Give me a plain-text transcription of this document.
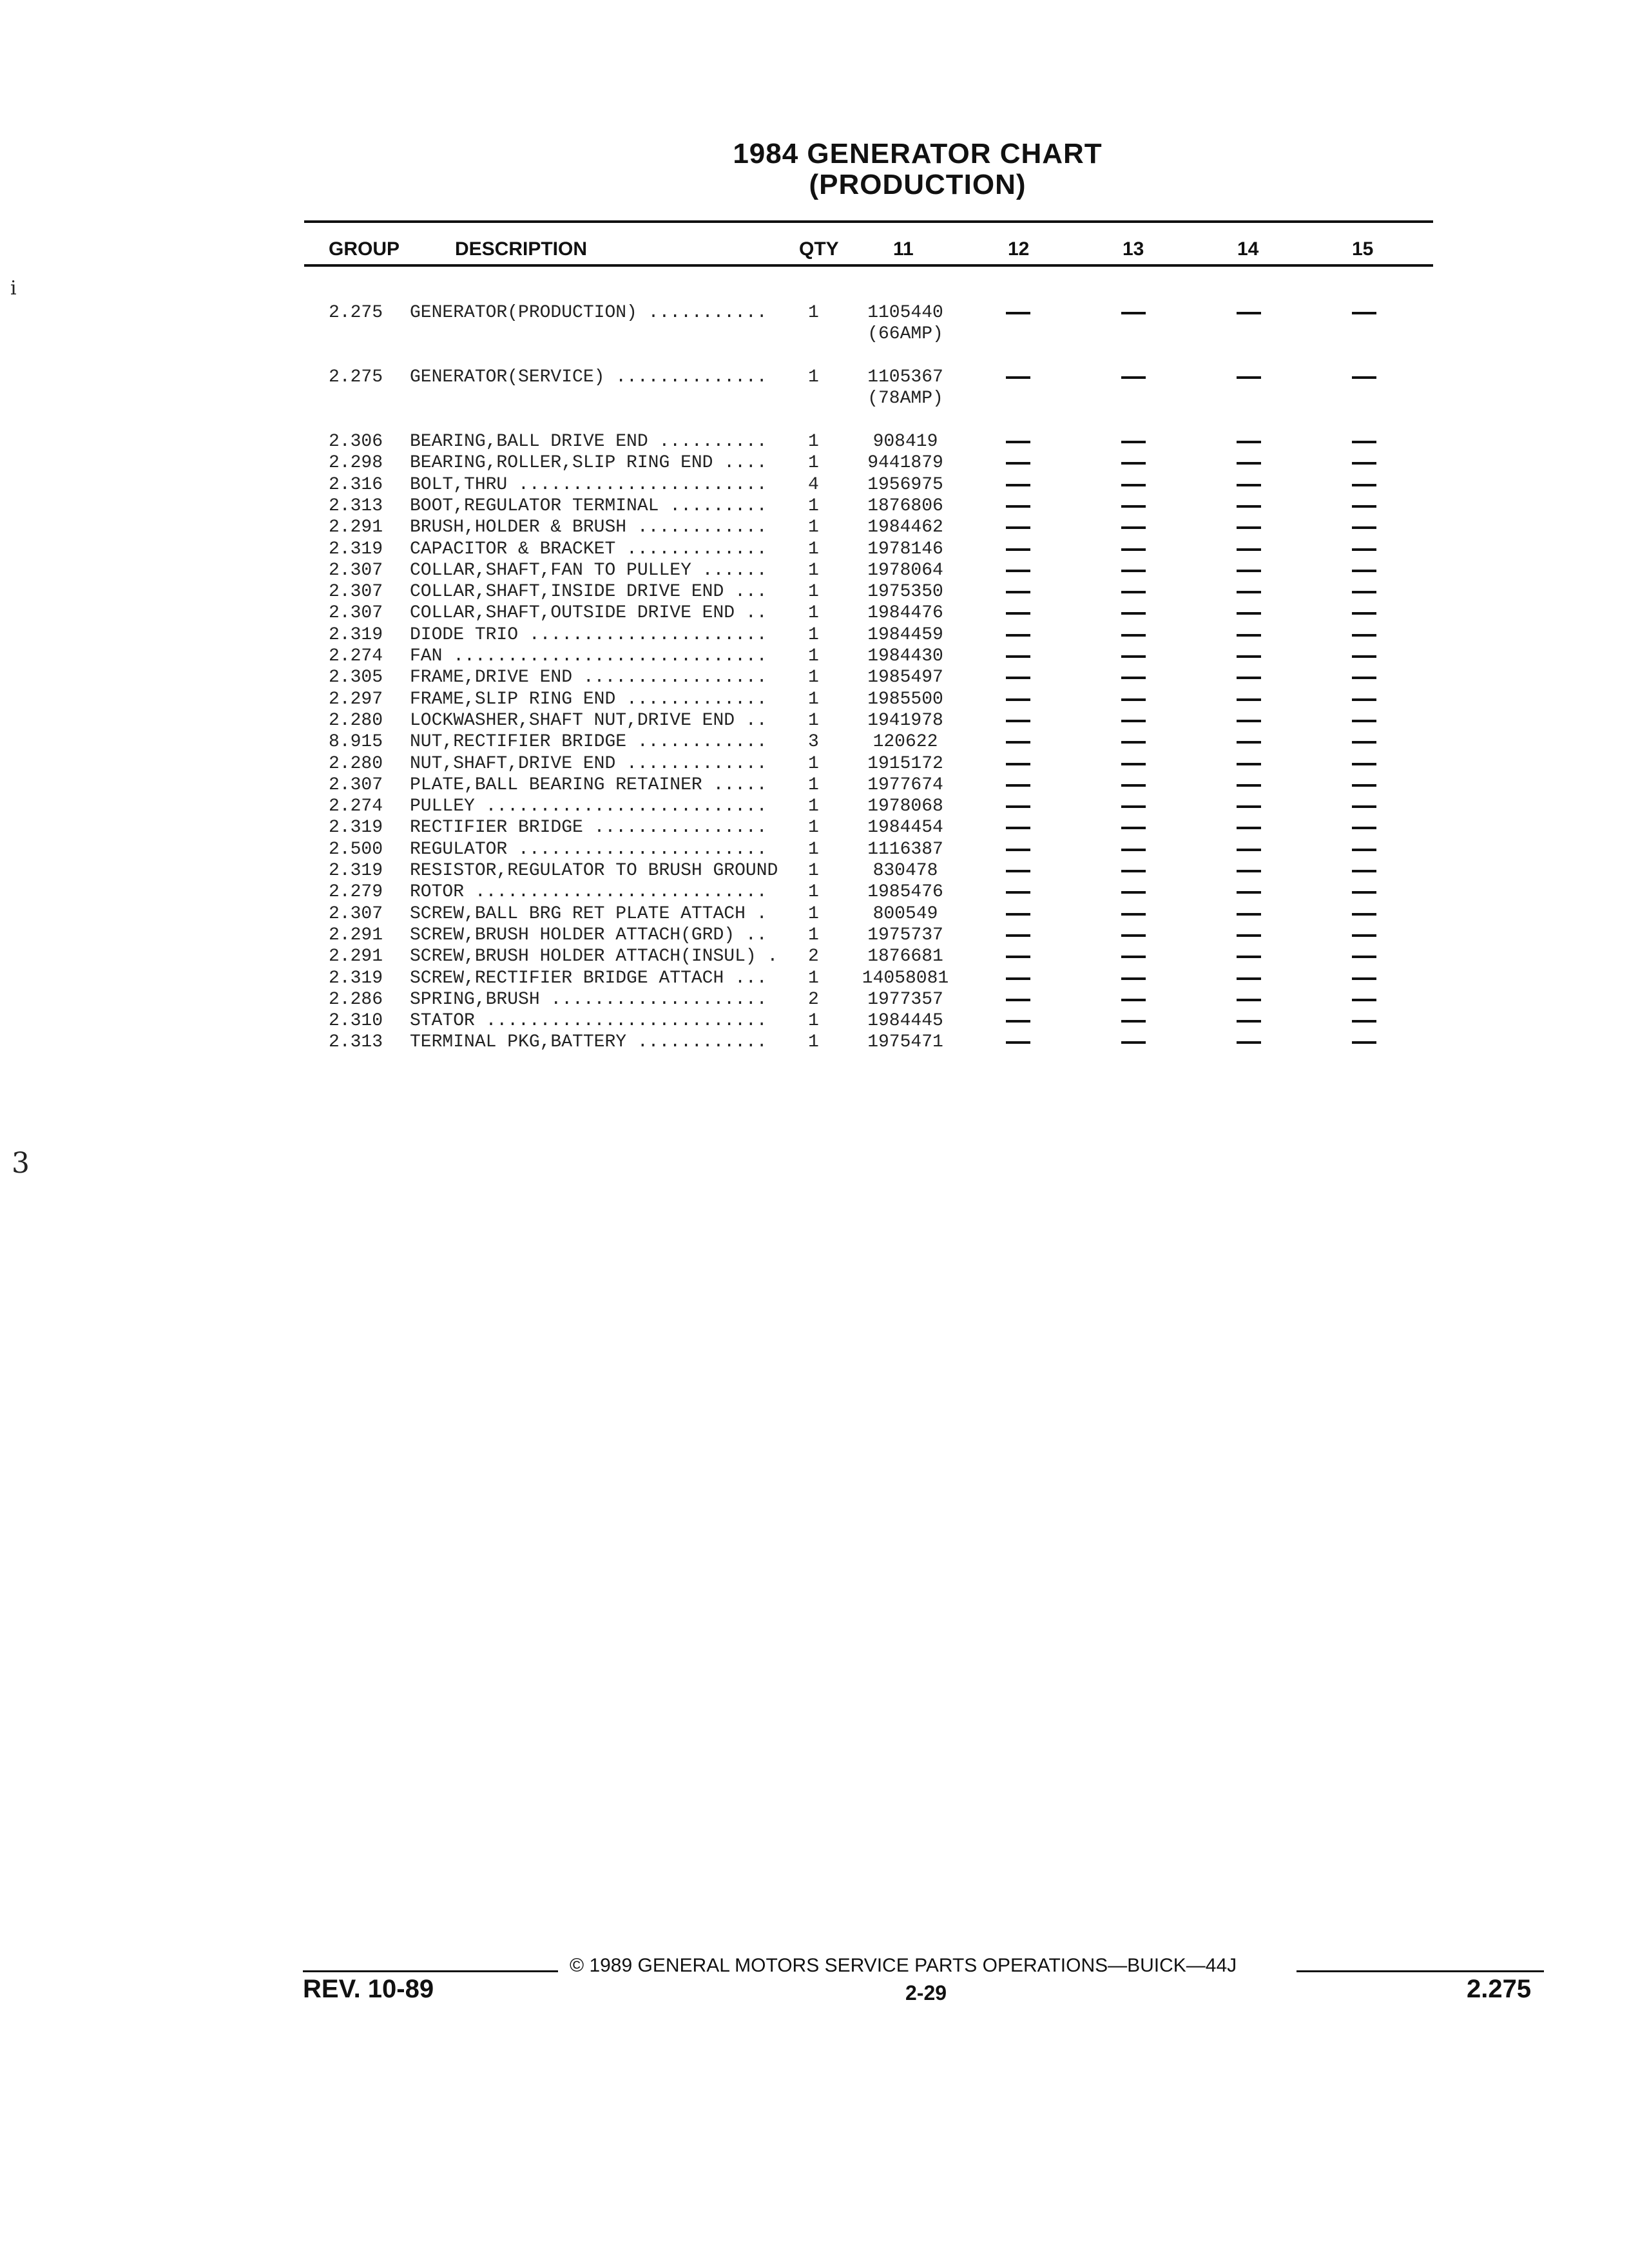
1984 GENERATOR CHART
(PRODUCTION)
GROUP	DESCRIPTION	QTY	11	12	13	14	15
2.275 GENERATOR(PRODUCTION) ........... 1	1105440
(66AMP)
2.275 GENERATOR(SERVICE) .............. 1	1105367
(78AMP)
2.306 BEARING,BALL DRIVE END .......... 1	908419
2.298 BEARING,ROLLER,SLIP RING END .... 1	9441879
2.316 BOLT,THRU ....................... 4	1956975
2.313 BOOT,REGULATOR TERMINAL ......... 1	1876806
2.291 BRUSH,HOLDER & BRUSH ............ 1	1984462
2.319 CAPACITOR & BRACKET ............. 1	1978146
2.307 COLLAR,SHAFT,FAN TO PULLEY ...... 1	1978064
2.307 COLLAR,SHAFT,INSIDE DRIVE END ... 1	1975350
2.307 COLLAR,SHAFT,OUTSIDE DRIVE END .. 1	1984476
2.319 DIODE TRIO ...................... 1	1984459
2.274 FAN ............................. 1	1984430
2.305 FRAME,DRIVE END ................. 1	1985497
2.297 FRAME,SLIP RING END ............. 1	1985500
2.280 LOCKWASHER,SHAFT NUT,DRIVE END .. 1	1941978
8.915 NUT,RECTIFIER BRIDGE ............ 3	120622
2.280 NUT,SHAFT,DRIVE END ............. 1	1915172
2.307 PLATE,BALL BEARING RETAINER ..... 1	1977674
2.274 PULLEY .......................... 1	1978068
2.319 RECTIFIER BRIDGE ................ 1	1984454
2.500 REGULATOR ....................... 1	1116387
2.319 RESISTOR,REGULATOR TO BRUSH GROUND 1	830478
2.279 ROTOR ........................... 1	1985476
2.307 SCREW,BALL BRG RET PLATE ATTACH . 1	800549
2.291 SCREW,BRUSH HOLDER ATTACH(GRD) .. 1	1975737
2.291 SCREW,BRUSH HOLDER ATTACH(INSUL) . 2	1876681
2.319 SCREW,RECTIFIER BRIDGE ATTACH ... 1	14058081
2.286 SPRING,BRUSH .................... 2	1977357
2.310 STATOR .......................... 1	1984445
2.313 TERMINAL PKG,BATTERY ............ 1	1975471
i
3
© 1989 GENERAL MOTORS SERVICE PARTS OPERATIONS—BUICK—44J
REV. 10-89	2-29	2.275
